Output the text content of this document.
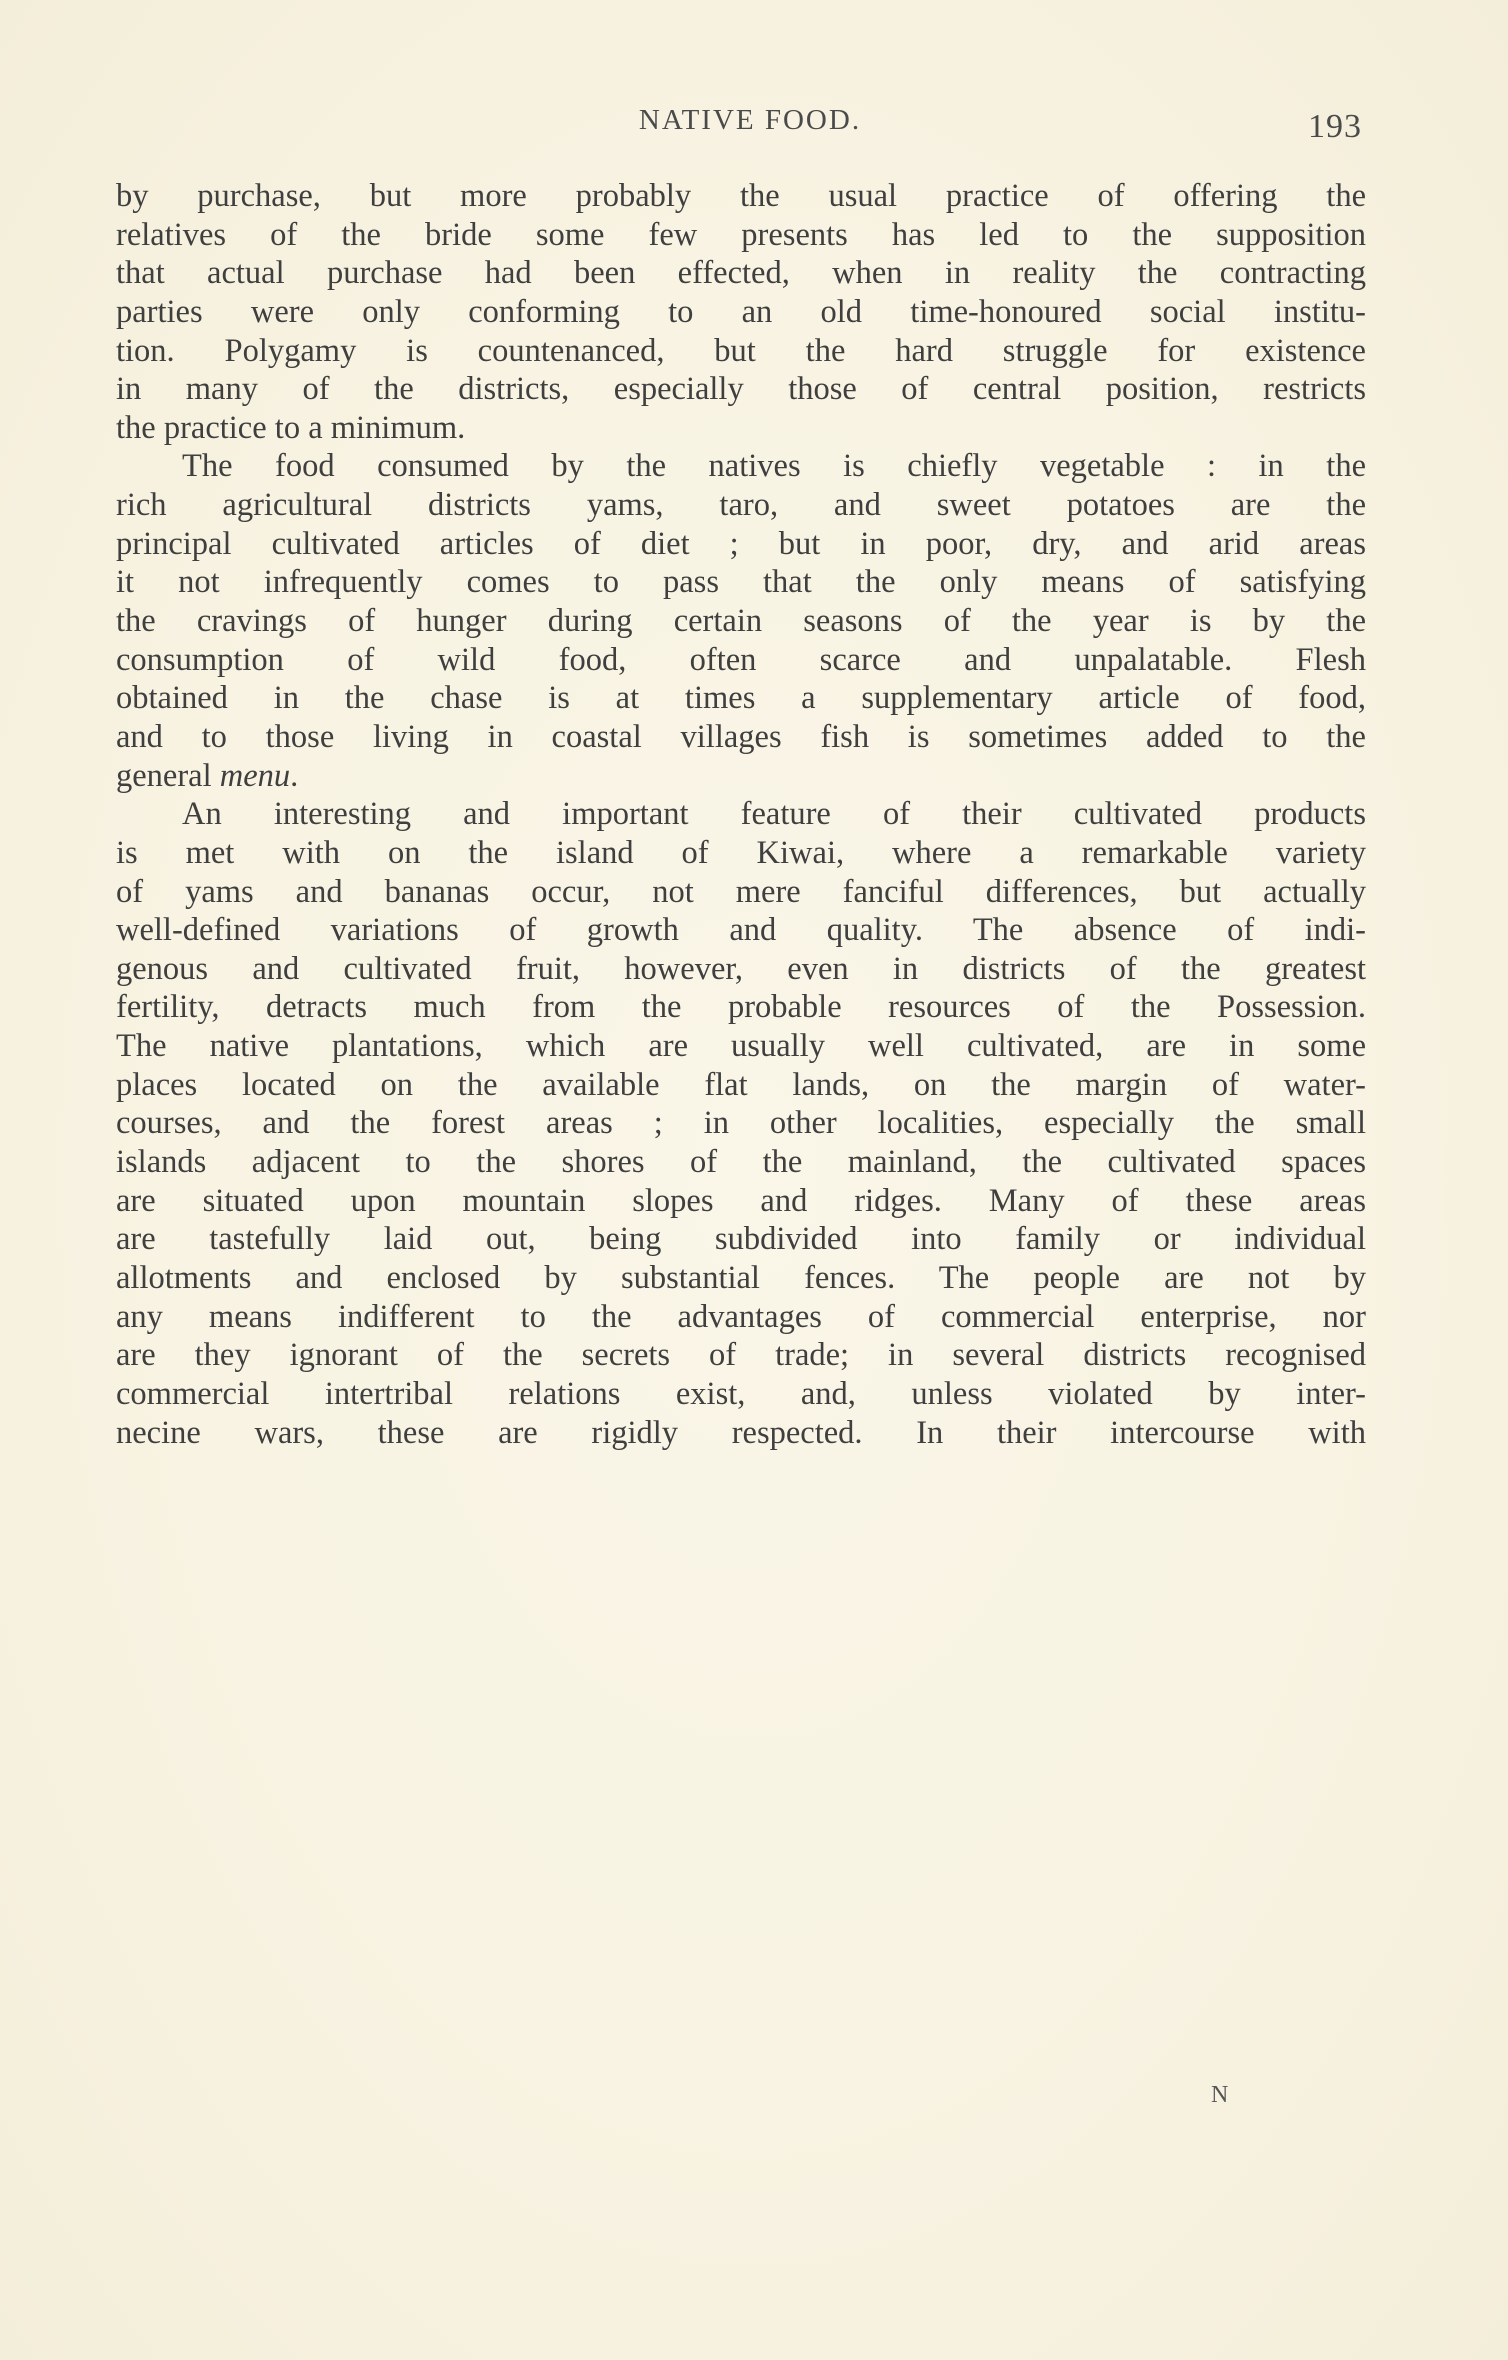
NATIVE FOOD.	193
by purchase, but more probably the usual practice of offering the
relatives of the bride some few presents has led to the supposition
that actual purchase had been effected, when in reality the contracting
parties were only conforming to an old time-honoured social institu-
tion. Polygamy is countenanced, but the hard struggle for existence
in many of the districts, especially those of central position, restricts
the practice to a minimum.
The food consumed by the natives is chiefly vegetable : in the
rich agricultural districts yams, taro, and sweet potatoes are the
principal cultivated articles of diet ; but in poor, dry, and arid areas
it not infrequently comes to pass that the only means of satisfying
the cravings of hunger during certain seasons of the year is by the
consumption of wild food, often scarce and unpalatable. Flesh
obtained in the chase is at times a supplementary article of food,
and to those living in coastal villages fish is sometimes added to the
general menu.
An interesting and important feature of their cultivated products
is met with on the island of Kiwai, where a remarkable variety
of yams and bananas occur, not mere fanciful differences, but actually
well-defined variations of growth and quality. The absence of indi-
genous and cultivated fruit, however, even in districts of the greatest
fertility, detracts much from the probable resources of the Possession.
The native plantations, which are usually well cultivated, are in some
places located on the available flat lands, on the margin of water-
courses, and the forest areas ; in other localities, especially the small
islands adjacent to the shores of the mainland, the cultivated spaces
are situated upon mountain slopes and ridges. Many of these areas
are tastefully laid out, being subdivided into family or individual
allotments and enclosed by substantial fences. The people are not by
any means indifferent to the advantages of commercial enterprise, nor
are they ignorant of the secrets of trade; in several districts recognised
commercial intertribal relations exist, and, unless violated by inter-
necine wars, these are rigidly respected. In their intercourse with
N
